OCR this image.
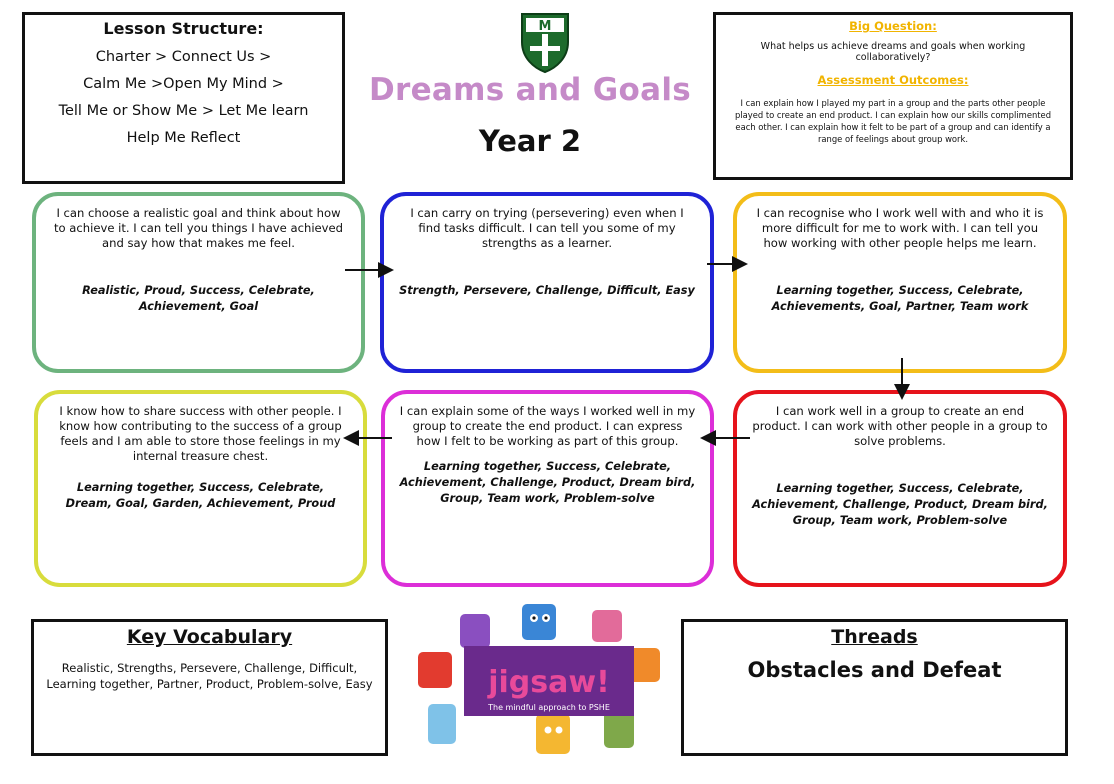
Lesson Structure:
Charter > Connect Us >
Calm Me >Open My Mind >
Tell Me or Show Me > Let Me learn
Help Me Reflect
M
Dreams and Goals
Year 2
Big Question:
What helps us achieve dreams and goals when working collaboratively?
Assessment Outcomes:
I can explain how I played my part in a group and the parts other people played to create an end product. I can explain how our skills complimented each other. I can explain how it felt to be part of a group and can identify a range of feelings about group work.
I can choose a realistic goal and think about how to achieve it. I can tell you things I have achieved and say how that makes me feel.
Realistic, Proud, Success, Celebrate, Achievement, Goal
I can carry on trying (persevering) even when I find tasks difficult. I can tell you some of my strengths as a learner.
Strength, Persevere, Challenge, Difficult, Easy
I can recognise who I work well with and who it is more difficult for me to work with. I can tell you how working with other people helps me learn.
Learning together, Success, Celebrate, Achievements, Goal, Partner, Team work
I know how to share success with other people. I know how contributing to the success of a group feels and I am able to store those feelings in my internal treasure chest.
Learning together, Success, Celebrate, Dream, Goal, Garden, Achievement, Proud
I can explain some of the ways I worked well in my group to create the end product. I can express how I felt to be working as part of this group.
Learning together, Success, Celebrate, Achievement, Challenge, Product, Dream bird, Group, Team work, Problem-solve
I can work well in a group to create an end product. I can work with other people in a group to solve problems.
Learning together, Success, Celebrate, Achievement, Challenge, Product, Dream bird, Group, Team work, Problem-solve
Key Vocabulary
Realistic, Strengths, Persevere, Challenge, Difficult, Learning together, Partner, Product, Problem-solve, Easy	jigsaw!
The mindful approach to PSHE
Threads
Obstacles and Defeat
